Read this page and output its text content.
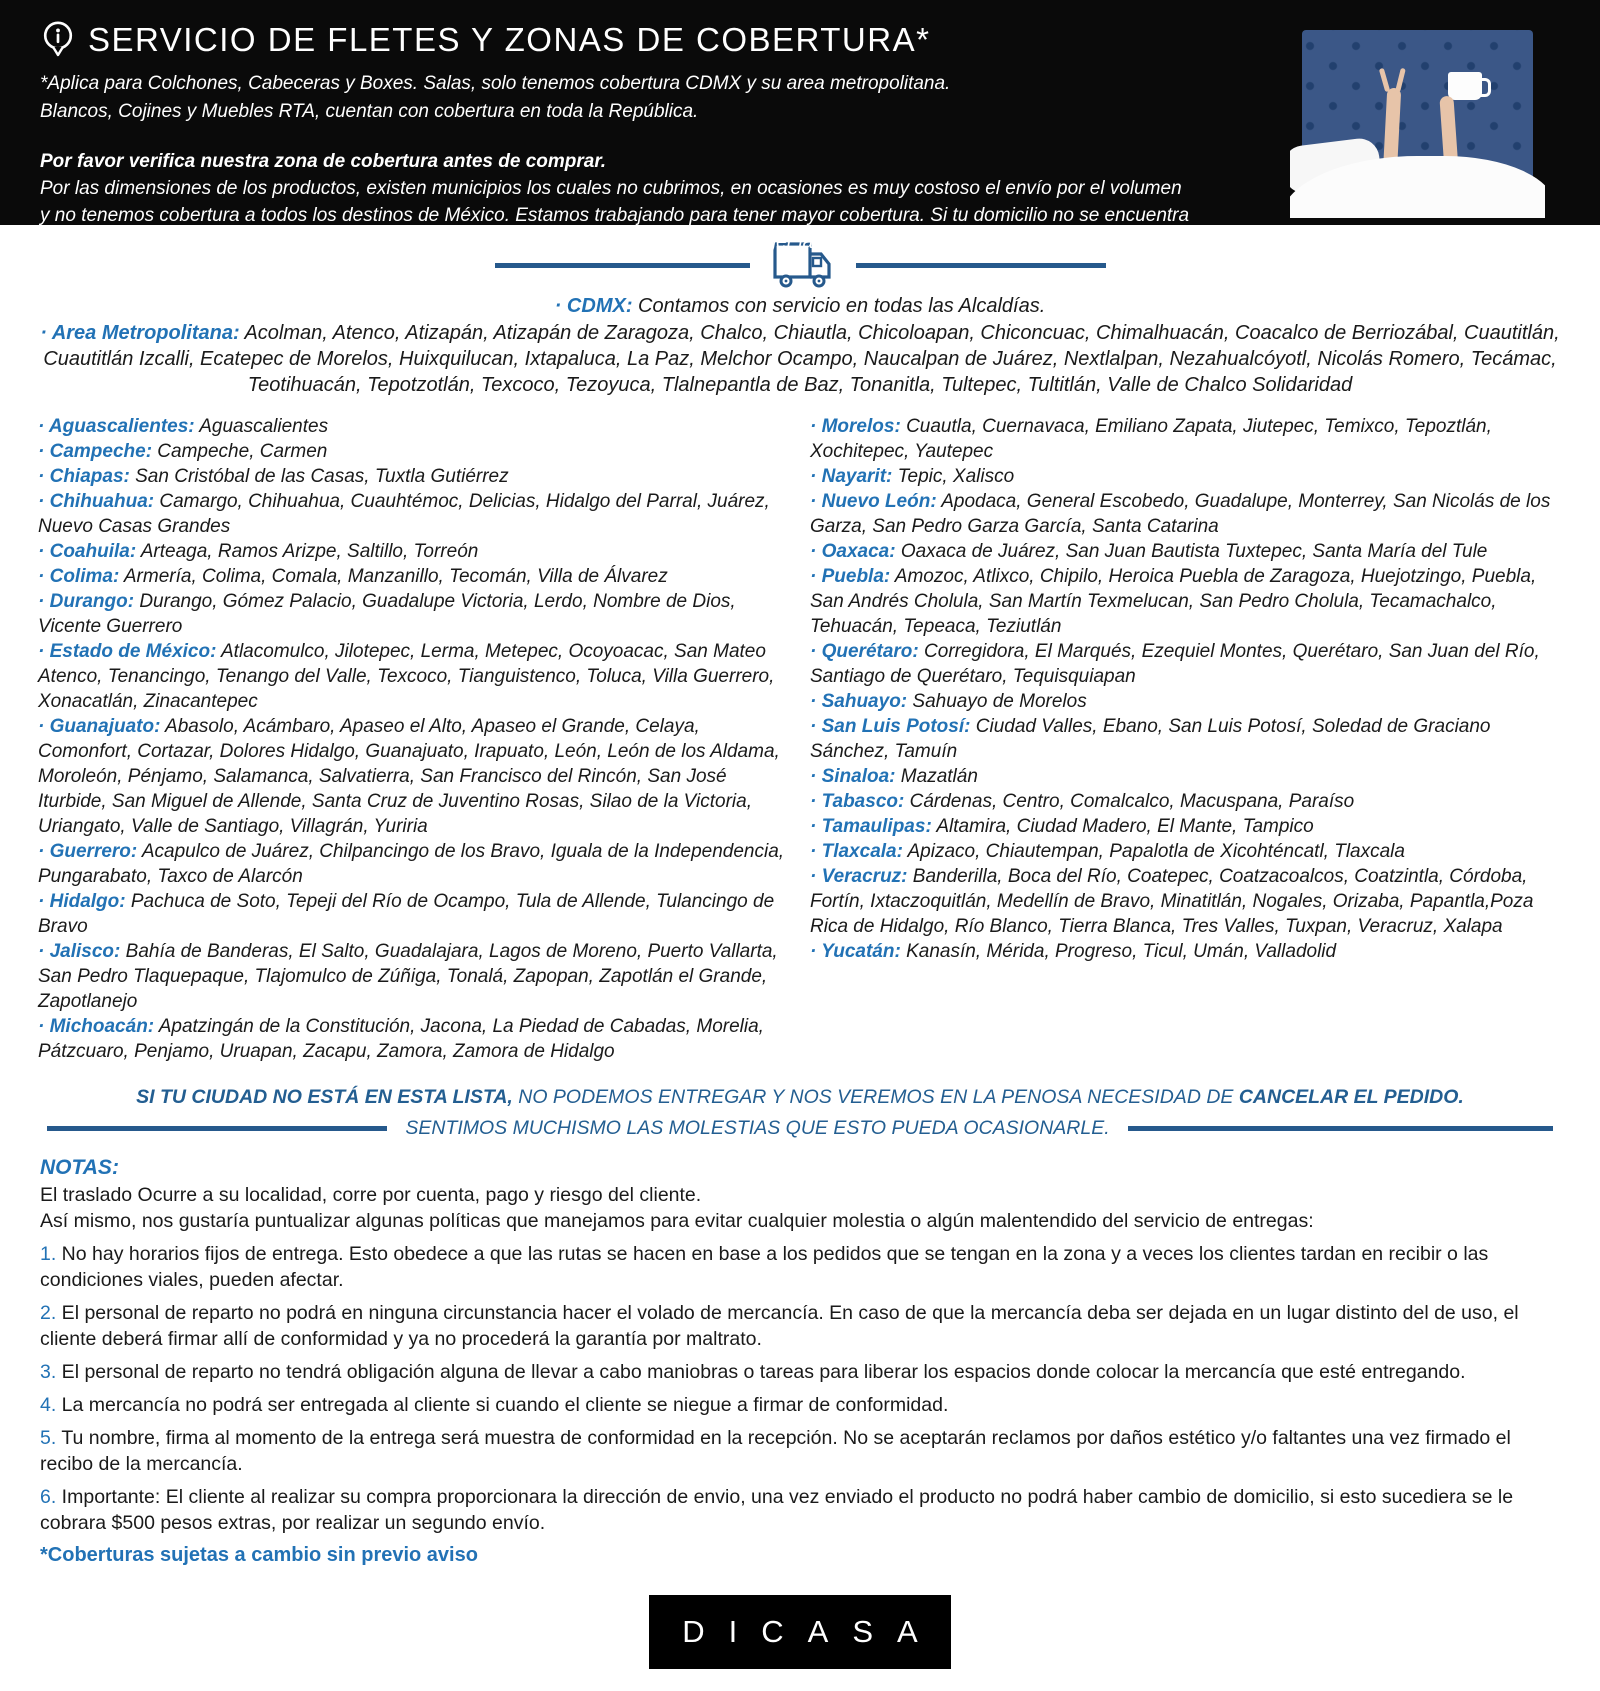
SERVICIO DE FLETES Y ZONAS DE COBERTURA*
*Aplica para Colchones, Cabeceras y Boxes. Salas, solo tenemos cobertura CDMX y su area metropolitana.
Blancos, Cojines y Muebles RTA, cuentan con cobertura en toda la República.
Por favor verifica nuestra zona de cobertura antes de comprar.
Por las dimensiones de los productos, existen municipios los cuales no cubrimos, en ocasiones es muy costoso el envío por el volumen y no tenemos cobertura a todos los destinos de México. Estamos trabajando para tener mayor cobertura. Si tu domicilio no se encuentra en la lista, lo podemos llevar a la ciudad más cercana para que de ahí, tú puedas recoger la mercancía. Esto se llama servicio Ocurre.

· CDMX: Contamos con servicio en todas las Alcaldías.

· Area Metropolitana: Acolman, Atenco, Atizapán, Atizapán de Zaragoza, Chalco, Chiautla, Chicoloapan, Chiconcuac, Chimalhuacán, Coacalco de Berriozábal, Cuautitlán, Cuautitlán Izcalli, Ecatepec de Morelos, Huixquilucan, Ixtapaluca, La Paz, Melchor Ocampo, Naucalpan de Juárez, Nextlalpan, Nezahualcóyotl, Nicolás Romero, Tecámac, Teotihuacán, Tepotzotlán, Texcoco, Tezoyuca, Tlalnepantla de Baz, Tonanitla, Tultepec, Tultitlán, Valle de Chalco Solidaridad

· Aguascalientes: Aguascalientes
· Campeche: Campeche, Carmen
· Chiapas: San Cristóbal de las Casas, Tuxtla Gutiérrez
· Chihuahua: Camargo, Chihuahua, Cuauhtémoc, Delicias, Hidalgo del Parral, Juárez, Nuevo Casas Grandes
· Coahuila: Arteaga, Ramos Arizpe, Saltillo, Torreón
· Colima: Armería, Colima, Comala, Manzanillo, Tecomán, Villa de Álvarez
· Durango: Durango, Gómez Palacio, Guadalupe Victoria, Lerdo, Nombre de Dios, Vicente Guerrero
· Estado de México: Atlacomulco, Jilotepec, Lerma, Metepec, Ocoyoacac, San Mateo Atenco, Tenancingo, Tenango del Valle, Texcoco, Tianguistenco, Toluca, Villa Guerrero, Xonacatlán, Zinacantepec
· Guanajuato: Abasolo, Acámbaro, Apaseo el Alto, Apaseo el Grande, Celaya, Comonfort, Cortazar, Dolores Hidalgo, Guanajuato, Irapuato, León, León de los Aldama, Moroleón, Pénjamo, Salamanca, Salvatierra, San Francisco del Rincón, San José Iturbide, San Miguel de Allende, Santa Cruz de Juventino Rosas, Silao de la Victoria, Uriangato, Valle de Santiago, Villagrán, Yuriria
· Guerrero: Acapulco de Juárez, Chilpancingo de los Bravo, Iguala de la Independencia, Pungarabato, Taxco de Alarcón
· Hidalgo: Pachuca de Soto, Tepeji del Río de Ocampo, Tula de Allende, Tulancingo de Bravo
· Jalisco: Bahía de Banderas, El Salto, Guadalajara, Lagos de Moreno, Puerto Vallarta, San Pedro Tlaquepaque, Tlajomulco de Zúñiga, Tonalá, Zapopan, Zapotlán el Grande, Zapotlanejo
· Michoacán: Apatzingán de la Constitución, Jacona, La Piedad de Cabadas, Morelia, Pátzcuaro, Penjamo, Uruapan, Zacapu, Zamora, Zamora de Hidalgo
· Morelos: Cuautla, Cuernavaca, Emiliano Zapata, Jiutepec, Temixco, Tepoztlán, Xochitepec, Yautepec
· Nayarit: Tepic, Xalisco
· Nuevo León: Apodaca, General Escobedo, Guadalupe, Monterrey, San Nicolás de los Garza, San Pedro Garza García, Santa Catarina
· Oaxaca: Oaxaca de Juárez, San Juan Bautista Tuxtepec, Santa María del Tule
· Puebla: Amozoc, Atlixco, Chipilo, Heroica Puebla de Zaragoza, Huejotzingo, Puebla, San Andrés Cholula, San Martín Texmelucan, San Pedro Cholula, Tecamachalco, Tehuacán, Tepeaca, Teziutlán
· Querétaro: Corregidora, El Marqués, Ezequiel Montes, Querétaro, San Juan del Río, Santiago de Querétaro, Tequisquiapan
· Sahuayo: Sahuayo de Morelos
· San Luis Potosí: Ciudad Valles, Ebano, San Luis Potosí, Soledad de Graciano Sánchez, Tamuín
· Sinaloa: Mazatlán
· Tabasco: Cárdenas, Centro, Comalcalco, Macuspana, Paraíso
· Tamaulipas: Altamira, Ciudad Madero, El Mante, Tampico
· Tlaxcala: Apizaco, Chiautempan, Papalotla de Xicohténcatl, Tlaxcala
· Veracruz: Banderilla, Boca del Río, Coatepec, Coatzacoalcos, Coatzintla, Córdoba, Fortín, Ixtaczoquitlán, Medellín de Bravo, Minatitlán, Nogales, Orizaba, Papantla,Poza Rica de Hidalgo, Río Blanco, Tierra Blanca, Tres Valles, Tuxpan, Veracruz, Xalapa
· Yucatán: Kanasín, Mérida, Progreso, Ticul, Umán, Valladolid
SI TU CIUDAD NO ESTÁ EN ESTA LISTA, NO PODEMOS ENTREGAR Y NOS VEREMOS EN LA PENOSA NECESIDAD DE CANCELAR EL PEDIDO.
SENTIMOS MUCHISMO LAS MOLESTIAS QUE ESTO PUEDA OCASIONARLE.
NOTAS:

El traslado Ocurre a su localidad, corre por cuenta, pago y riesgo del cliente.

Así mismo, nos gustaría puntualizar algunas políticas que manejamos para evitar cualquier molestia o algún malentendido del servicio de entregas:

1. No hay horarios fijos de entrega. Esto obedece a que las rutas se hacen en base a los pedidos que se tengan en la zona y a veces los clientes tardan en recibir o las condiciones viales, pueden afectar.
2. El personal de reparto no podrá en ninguna circunstancia hacer el volado de mercancía. En caso de que la mercancía deba ser dejada en un lugar distinto del de uso, el cliente deberá firmar allí de conformidad y ya no procederá la garantía por maltrato.
3. El personal de reparto no tendrá obligación alguna de llevar a cabo maniobras o tareas para liberar los espacios donde colocar la mercancía que esté entregando.
4. La mercancía no podrá ser entregada al cliente si cuando el cliente se niegue a firmar de conformidad.
5. Tu nombre, firma al momento de la entrega será muestra de conformidad en la recepción. No se aceptarán reclamos por daños estético y/o faltantes una vez firmado el recibo de la mercancía.
6. Importante: El cliente al realizar su compra proporcionara la dirección de envio, una vez enviado el producto no podrá haber cambio de domicilio, si esto sucediera se le cobrara $500 pesos extras, por realizar un segundo envío.
*Coberturas sujetas a cambio sin previo aviso
DICASA
